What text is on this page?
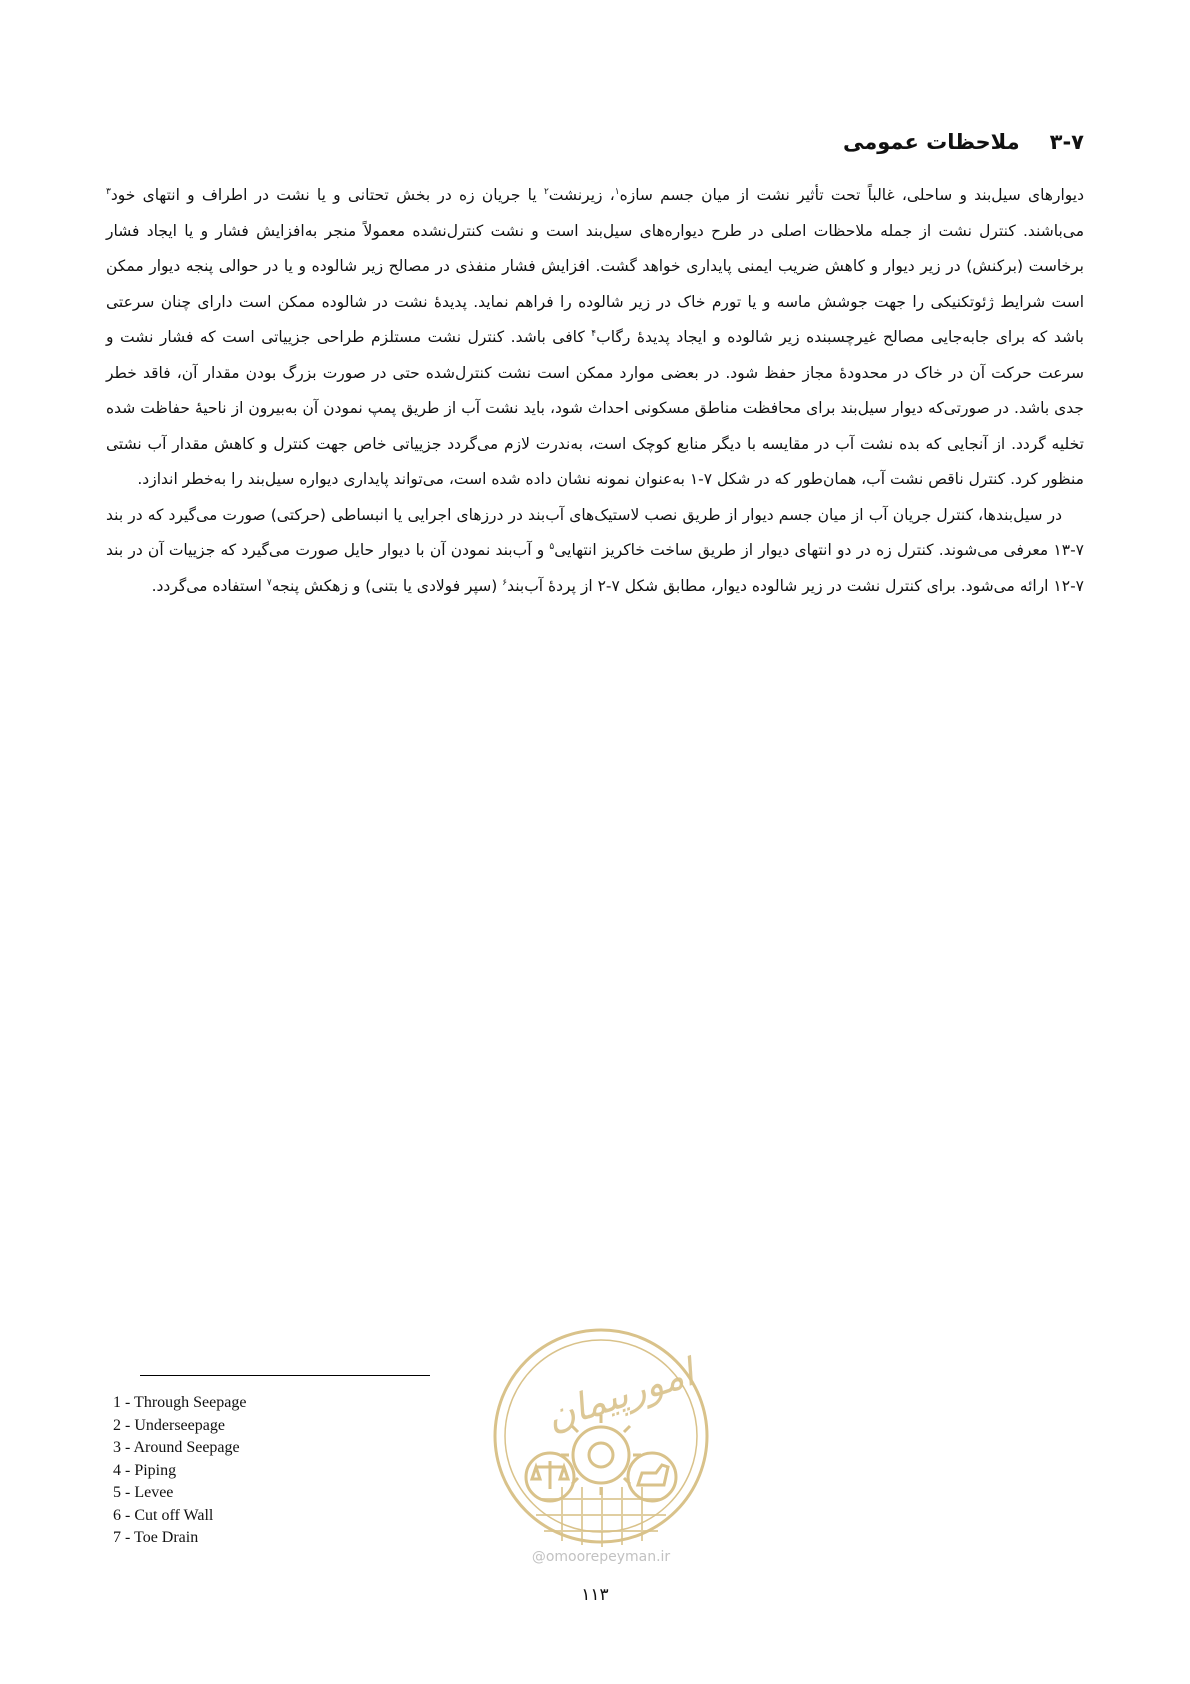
۳-۷
ملاحظات عمومی

دیوارهای سیل‌بند و ساحلی، غالباً تحت تأثیر نشت از میان جسم سازه$^۱$، زیرنشت$^۲$ یا جریان زه در بخش تحتانی و یا نشت در اطراف و انتهای خود$^۳$ می‌باشند. کنترل نشت از جمله ملاحظات اصلی در طرح دیواره‌های سیل‌بند است و نشت کنترل‌نشده معمولاً منجر به‌افزایش فشار و یا ایجاد فشار برخاست (برکنش) در زیر دیوار و کاهش ضریب ایمنی پایداری خواهد گشت. افزایش فشار منفذی در مصالح زیر شالوده و یا در حوالی پنجه دیوار ممکن است شرایط ژئوتکنیکی را جهت جوشش ماسه و یا تورم خاک در زیر شالوده را فراهم نماید. پدیدهٔ نشت در شالوده ممکن است دارای چنان سرعتی باشد که برای جابه‌جایی مصالح غیرچسبنده زیر شالوده و ایجاد پدیدهٔ رگاب$^۴$ کافی باشد. کنترل نشت مستلزم طراحی جزییاتی است که فشار نشت و سرعت حرکت آن در خاک در محدودهٔ مجاز حفظ شود. در بعضی موارد ممکن است نشت کنترل‌شده حتی در صورت بزرگ بودن مقدار آن، فاقد خطر جدی باشد. در صورتی‌که دیوار سیل‌بند برای محافظت مناطق مسکونی احداث شود، باید نشت آب از طریق پمپ نمودن آن به‌بیرون از ناحیهٔ حفاظت شده تخلیه گردد. از آنجایی که بده نشت آب در مقایسه با دیگر منابع کوچک است، به‌ندرت لازم می‌گردد جزییاتی خاص جهت کنترل و کاهش مقدار آب نشتی منظور کرد. کنترل ناقص نشت آب، همان‌طور که در شکل ۷-۱ به‌عنوان نمونه نشان داده شده است، می‌تواند پایداری دیواره سیل‌بند را به‌خطر اندازد.

در سیل‌بندها، کنترل جریان آب از میان جسم دیوار از طریق نصب لاستیک‌های آب‌بند در درزهای اجرایی یا انبساطی (حرکتی) صورت می‌گیرد که در بند ۷-۱۳ معرفی می‌شوند. کنترل زه در دو انتهای دیوار از طریق ساخت خاکریز انتهایی$^۵$ و آب‌بند نمودن آن با دیوار حایل صورت می‌گیرد که جزییات آن در بند ۷-۱۲ ارائه می‌شود. برای کنترل نشت در زیر شالوده دیوار، مطابق شکل ۷-۲ از پردهٔ آب‌بند$^۶$ (سپر فولادی یا بتنی) و زهکش پنجه$^۷$ استفاده می‌گردد.

1 - Through Seepage
2 - Underseepage
3 - Around Seepage
4 - Piping
5 - Levee
6 - Cut off Wall
7 - Toe Drain
امورپیمان
@omoorepeyman.ir
۱۱۳
